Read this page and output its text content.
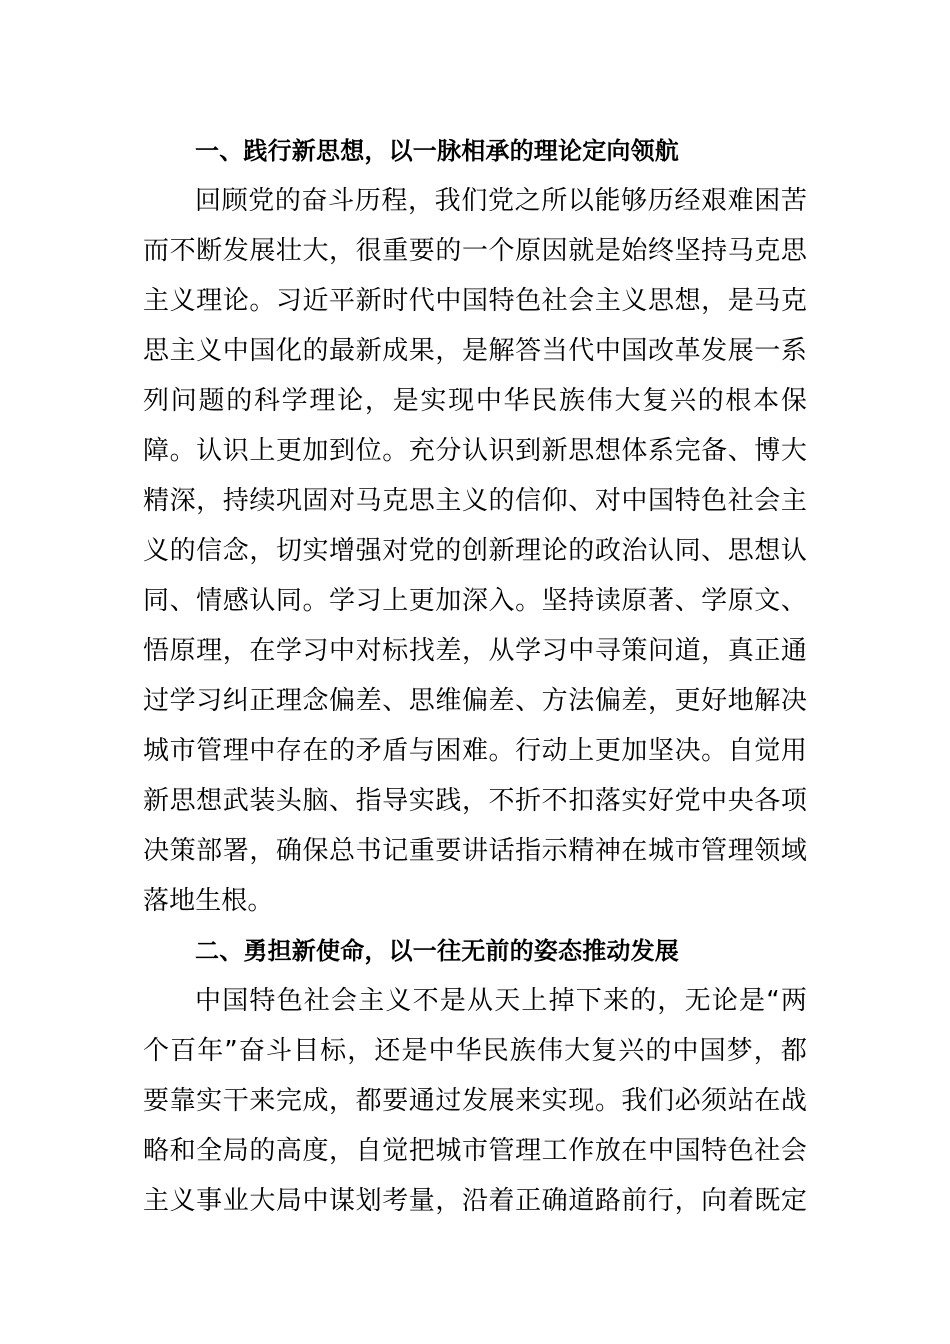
一、践行新思想，以一脉相承的理论定向领航
回顾党的奋斗历程，我们党之所以能够历经艰难困苦
而不断发展壮大，很重要的一个原因就是始终坚持马克思
主义理论。习近平新时代中国特色社会主义思想，是马克
思主义中国化的最新成果，是解答当代中国改革发展一系
列问题的科学理论，是实现中华民族伟大复兴的根本保
障。认识上更加到位。充分认识到新思想体系完备、博大
精深，持续巩固对马克思主义的信仰、对中国特色社会主
义的信念，切实增强对党的创新理论的政治认同、思想认
同、情感认同。学习上更加深入。坚持读原著、学原文、
悟原理，在学习中对标找差，从学习中寻策问道，真正通
过学习纠正理念偏差、思维偏差、方法偏差，更好地解决
城市管理中存在的矛盾与困难。行动上更加坚决。自觉用
新思想武装头脑、指导实践，不折不扣落实好党中央各项
决策部署，确保总书记重要讲话指示精神在城市管理领域
落地生根。
二、勇担新使命，以一往无前的姿态推动发展
中国特色社会主义不是从天上掉下来的，无论是“两
个百年”奋斗目标，还是中华民族伟大复兴的中国梦，都
要靠实干来完成，都要通过发展来实现。我们必须站在战
略和全局的高度，自觉把城市管理工作放在中国特色社会
主义事业大局中谋划考量，沿着正确道路前行，向着既定
